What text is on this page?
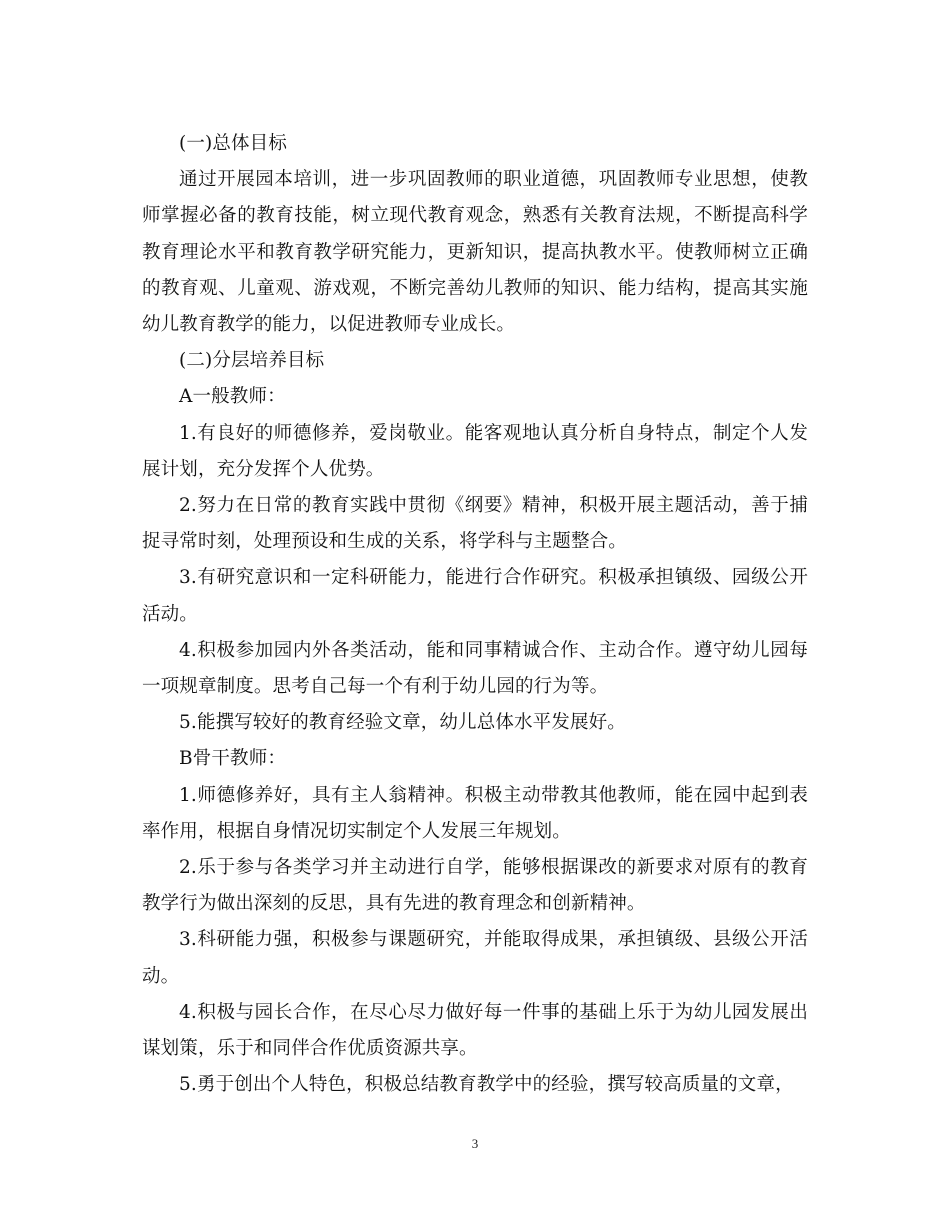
(一)总体目标

通过开展园本培训，进一步巩固教师的职业道德，巩固教师专业思想，使教师掌握必备的教育技能，树立现代教育观念，熟悉有关教育法规，不断提高科学教育理论水平和教育教学研究能力，更新知识，提高执教水平。使教师树立正确的教育观、儿童观、游戏观，不断完善幼儿教师的知识、能力结构，提高其实施幼儿教育教学的能力，以促进教师专业成长。

(二)分层培养目标

A一般教师：

1.有良好的师德修养，爱岗敬业。能客观地认真分析自身特点，制定个人发展计划，充分发挥个人优势。

2.努力在日常的教育实践中贯彻《纲要》精神，积极开展主题活动，善于捕捉寻常时刻，处理预设和生成的关系，将学科与主题整合。

3.有研究意识和一定科研能力，能进行合作研究。积极承担镇级、园级公开活动。

4.积极参加园内外各类活动，能和同事精诚合作、主动合作。遵守幼儿园每一项规章制度。思考自己每一个有利于幼儿园的行为等。

5.能撰写较好的教育经验文章，幼儿总体水平发展好。

B骨干教师：

1.师德修养好，具有主人翁精神。积极主动带教其他教师，能在园中起到表率作用，根据自身情况切实制定个人发展三年规划。

2.乐于参与各类学习并主动进行自学，能够根据课改的新要求对原有的教育教学行为做出深刻的反思，具有先进的教育理念和创新精神。

3.科研能力强，积极参与课题研究，并能取得成果，承担镇级、县级公开活动。

4.积极与园长合作，在尽心尽力做好每一件事的基础上乐于为幼儿园发展出谋划策，乐于和同伴合作优质资源共享。

5.勇于创出个人特色，积极总结教育教学中的经验，撰写较高质量的文章，

3
